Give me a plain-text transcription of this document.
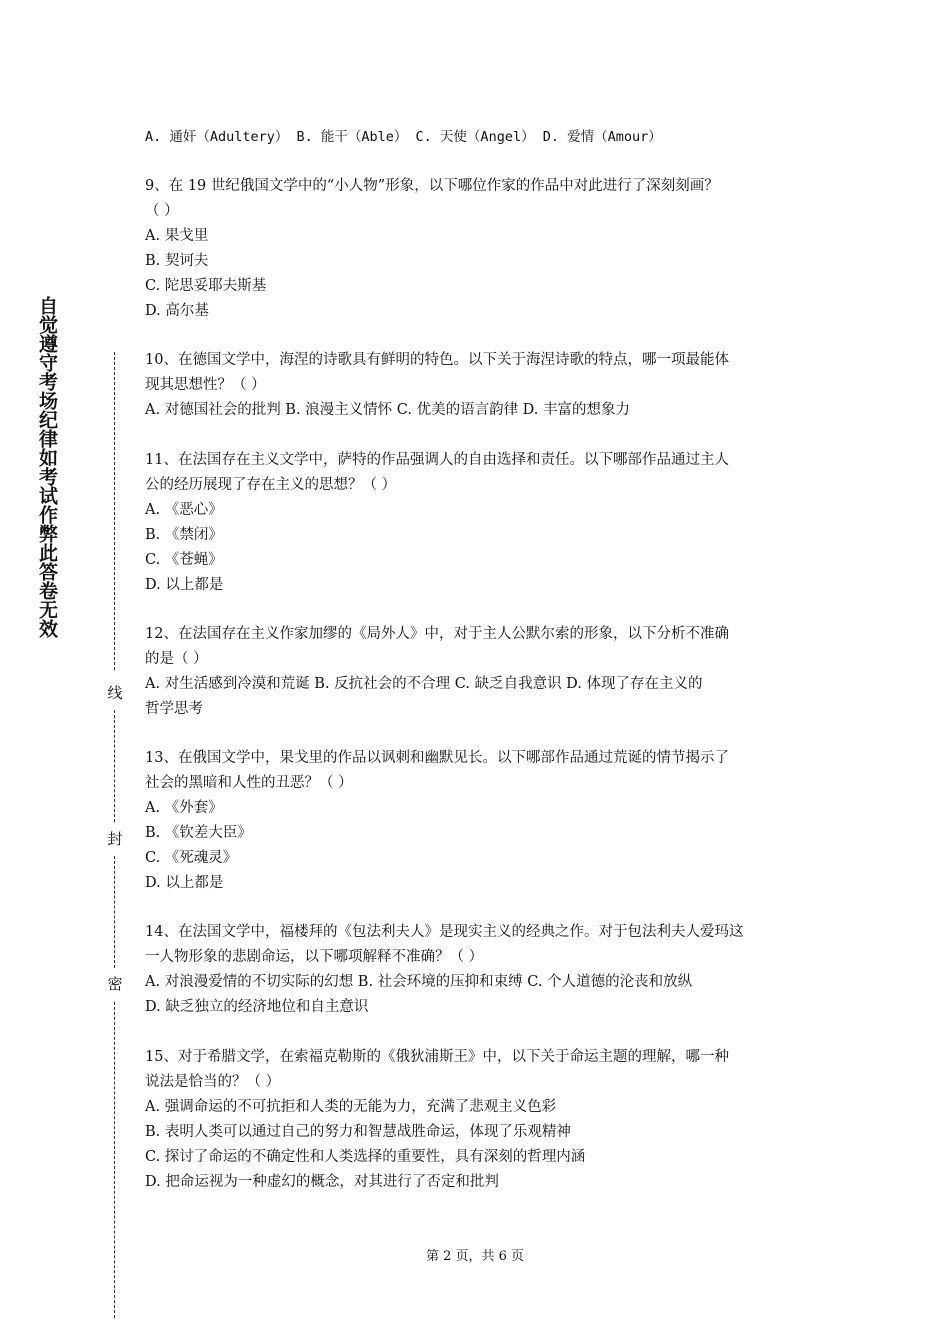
自觉遵守考场纪律如考试作弊此答卷无效
线
封
密
A. 通奸（Adultery） B. 能干（Able） C. 天使（Angel） D. 爱情（Amour）
9、在 19 世纪俄国文学中的“小人物”形象，以下哪位作家的作品中对此进行了深刻刻画？
（ ）
A. 果戈里
B. 契诃夫
C. 陀思妥耶夫斯基
D. 高尔基
10、在德国文学中，海涅的诗歌具有鲜明的特色。以下关于海涅诗歌的特点，哪一项最能体
现其思想性？（ ）
A. 对德国社会的批判 B. 浪漫主义情怀 C. 优美的语言韵律 D. 丰富的想象力
11、在法国存在主义文学中，萨特的作品强调人的自由选择和责任。以下哪部作品通过主人
公的经历展现了存在主义的思想？（ ）
A. 《恶心》
B. 《禁闭》
C. 《苍蝇》
D. 以上都是
12、在法国存在主义作家加缪的《局外人》中，对于主人公默尔索的形象，以下分析不准确
的是（ ）
A. 对生活感到冷漠和荒诞 B. 反抗社会的不合理 C. 缺乏自我意识 D. 体现了存在主义的
哲学思考
13、在俄国文学中，果戈里的作品以讽刺和幽默见长。以下哪部作品通过荒诞的情节揭示了
社会的黑暗和人性的丑恶？（ ）
A. 《外套》
B. 《钦差大臣》
C. 《死魂灵》
D. 以上都是
14、在法国文学中，福楼拜的《包法利夫人》是现实主义的经典之作。对于包法利夫人爱玛这
一人物形象的悲剧命运，以下哪项解释不准确？（ ）
A. 对浪漫爱情的不切实际的幻想 B. 社会环境的压抑和束缚 C. 个人道德的沦丧和放纵
D. 缺乏独立的经济地位和自主意识
15、对于希腊文学，在索福克勒斯的《俄狄浦斯王》中，以下关于命运主题的理解，哪一种
说法是恰当的？（ ）
A. 强调命运的不可抗拒和人类的无能为力，充满了悲观主义色彩
B. 表明人类可以通过自己的努力和智慧战胜命运，体现了乐观精神
C. 探讨了命运的不确定性和人类选择的重要性，具有深刻的哲理内涵
D. 把命运视为一种虚幻的概念，对其进行了否定和批判
第 2 页，共 6 页
